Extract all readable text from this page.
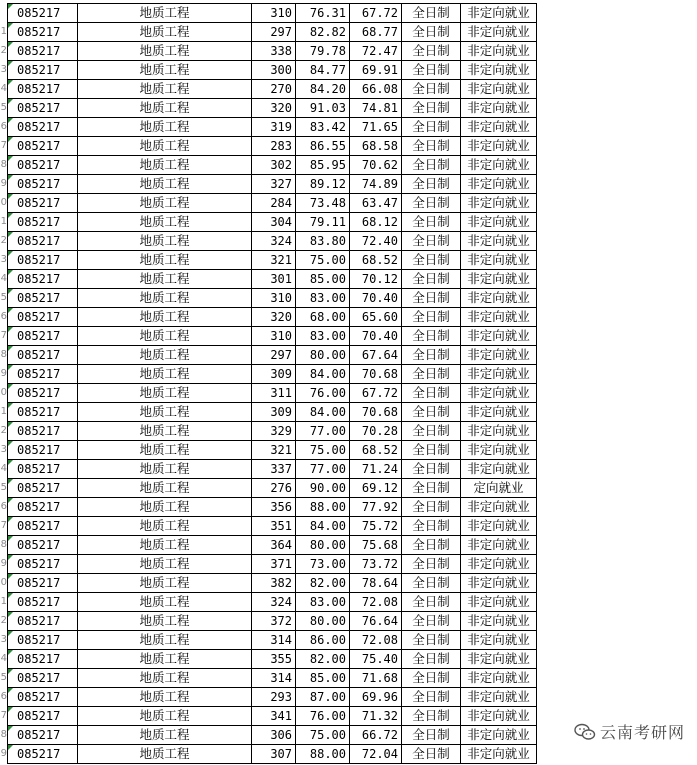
085217	地质工程	310	76.31	67.72	全日制	非定向就业	
1	085217	地质工程	297	82.82	68.77	全日制	非定向就业	
2	085217	地质工程	338	79.78	72.47	全日制	非定向就业	
3	085217	地质工程	300	84.77	69.91	全日制	非定向就业	
4	085217	地质工程	270	84.20	66.08	全日制	非定向就业	
5	085217	地质工程	320	91.03	74.81	全日制	非定向就业	
6	085217	地质工程	319	83.42	71.65	全日制	非定向就业	
7	085217	地质工程	283	86.55	68.58	全日制	非定向就业	
8	085217	地质工程	302	85.95	70.62	全日制	非定向就业	
9	085217	地质工程	327	89.12	74.89	全日制	非定向就业	
0	085217	地质工程	284	73.48	63.47	全日制	非定向就业	
1	085217	地质工程	304	79.11	68.12	全日制	非定向就业	
2	085217	地质工程	324	83.80	72.40	全日制	非定向就业	
3	085217	地质工程	321	75.00	68.52	全日制	非定向就业	
4	085217	地质工程	301	85.00	70.12	全日制	非定向就业	
5	085217	地质工程	310	83.00	70.40	全日制	非定向就业	
6	085217	地质工程	320	68.00	65.60	全日制	非定向就业	
7	085217	地质工程	310	83.00	70.40	全日制	非定向就业	
8	085217	地质工程	297	80.00	67.64	全日制	非定向就业	
9	085217	地质工程	309	84.00	70.68	全日制	非定向就业	
0	085217	地质工程	311	76.00	67.72	全日制	非定向就业	
1	085217	地质工程	309	84.00	70.68	全日制	非定向就业	
2	085217	地质工程	329	77.00	70.28	全日制	非定向就业	
3	085217	地质工程	321	75.00	68.52	全日制	非定向就业	
4	085217	地质工程	337	77.00	71.24	全日制	非定向就业	
5	085217	地质工程	276	90.00	69.12	全日制	定向就业	
6	085217	地质工程	356	88.00	77.92	全日制	非定向就业	
7	085217	地质工程	351	84.00	75.72	全日制	非定向就业	
8	085217	地质工程	364	80.00	75.68	全日制	非定向就业	
9	085217	地质工程	371	73.00	73.72	全日制	非定向就业	
0	085217	地质工程	382	82.00	78.64	全日制	非定向就业	
1	085217	地质工程	324	83.00	72.08	全日制	非定向就业	
2	085217	地质工程	372	80.00	76.64	全日制	非定向就业	
3	085217	地质工程	314	86.00	72.08	全日制	非定向就业	
4	085217	地质工程	355	82.00	75.40	全日制	非定向就业	
5	085217	地质工程	314	85.00	71.68	全日制	非定向就业	
6	085217	地质工程	293	87.00	69.96	全日制	非定向就业	
7	085217	地质工程	341	76.00	71.32	全日制	非定向就业	
8	085217	地质工程	306	75.00	66.72	全日制	非定向就业	
9	085217	地质工程	307	88.00	72.04	全日制	非定向就业	
云南考研网
